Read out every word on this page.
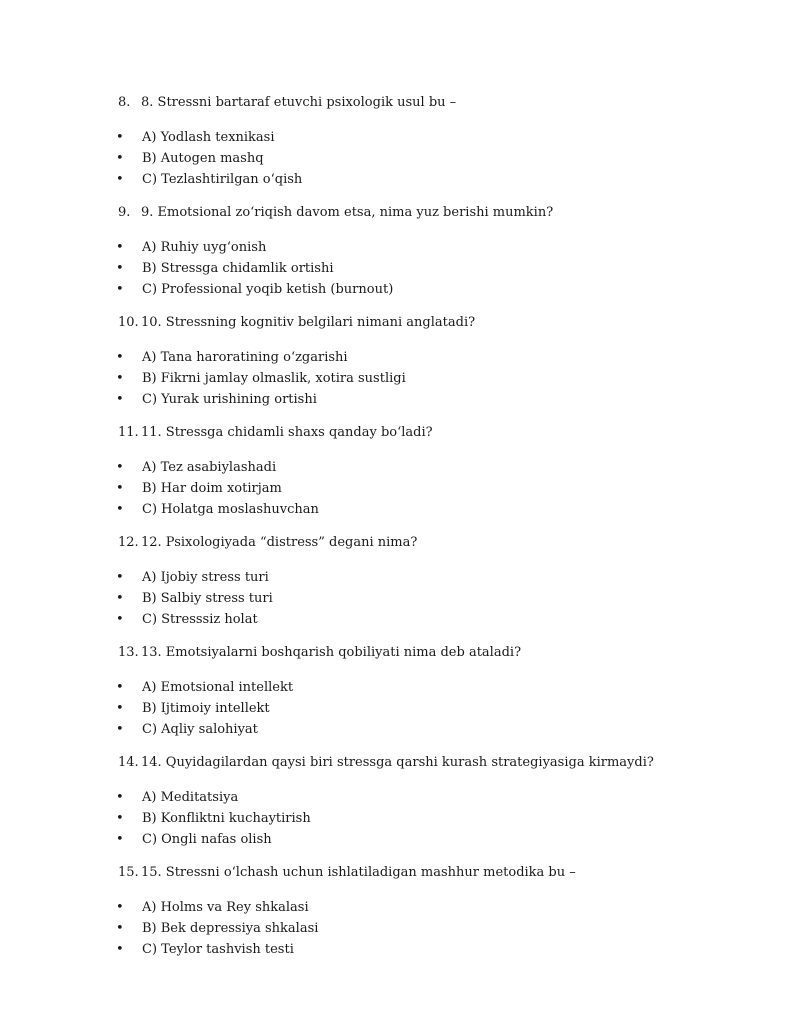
8. 8. Stressni bartaraf etuvchi psixologik usul bu –
• A) Yodlash texnikasi
• B) Autogen mashq
• C) Tezlashtirilgan o‘qish
9. 9. Emotsional zo‘riqish davom etsa, nima yuz berishi mumkin?
• A) Ruhiy uyg‘onish
• B) Stressga chidamlik ortishi
• C) Professional yoqib ketish (burnout)
10. 10. Stressning kognitiv belgilari nimani anglatadi?
• A) Tana haroratining o‘zgarishi
• B) Fikrni jamlay olmaslik, xotira sustligi
• C) Yurak urishining ortishi
11. 11. Stressga chidamli shaxs qanday bo‘ladi?
• A) Tez asabiylashadi
• B) Har doim xotirjam
• C) Holatga moslashuvchan
12. 12. Psixologiyada “distress” degani nima?
• A) Ijobiy stress turi
• B) Salbiy stress turi
• C) Stresssiz holat
13. 13. Emotsiyalarni boshqarish qobiliyati nima deb ataladi?
• A) Emotsional intellekt
• B) Ijtimoiy intellekt
• C) Aqliy salohiyat
14. 14. Quyidagilardan qaysi biri stressga qarshi kurash strategiyasiga kirmaydi?
• A) Meditatsiya
• B) Konfliktni kuchaytirish
• C) Ongli nafas olish
15. 15. Stressni o‘lchash uchun ishlatiladigan mashhur metodika bu –
• A) Holms va Rey shkalasi
• B) Bek depressiya shkalasi
• C) Teylor tashvish testi
